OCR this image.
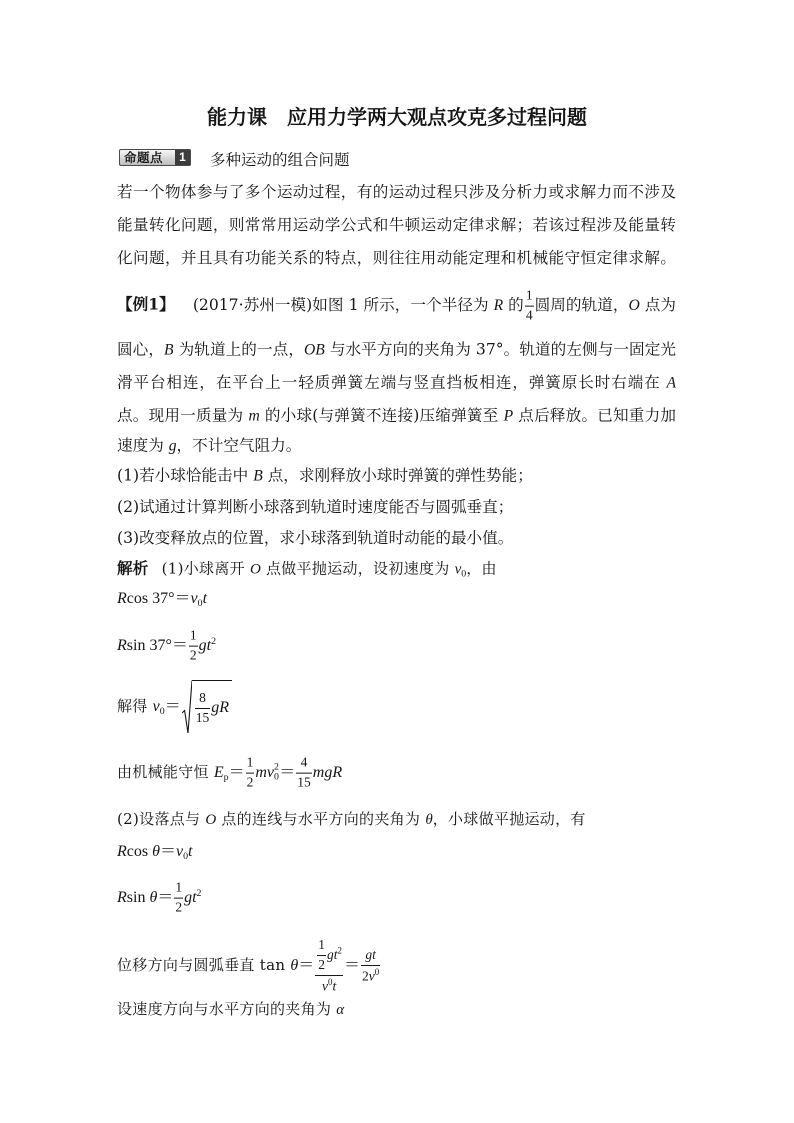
能力课　应用力学两大观点攻克多过程问题
命题点	1 多种运动的组合问题
若一个物体参与了多个运动过程，有的运动过程只涉及分析力或求解力而不涉及
能量转化问题，则常常用运动学公式和牛顿运动定律求解；若该过程涉及能量转
化问题，并且具有功能关系的特点，则往往用动能定理和机械能守恒定律求解。
【例1】 (2017·苏州一模)如图 1 所示，一个半径为 R 的 $\frac{1}{4}$ 圆周的轨道，O 点为
圆心，B 为轨道上的一点，OB 与水平方向的夹角为 37°。轨道的左侧与一固定光
滑平台相连，在平台上一轻质弹簧左端与竖直挡板相连，弹簧原长时右端在 A
点。现用一质量为 m 的小球(与弹簧不连接)压缩弹簧至 P 点后释放。已知重力加
速度为 g，不计空气阻力。
(1)若小球恰能击中 B 点，求刚释放小球时弹簧的弹性势能；
(2)试通过计算判断小球落到轨道时速度能否与圆弧垂直；
(3)改变释放点的位置，求小球落到轨道时动能的最小值。
解析 (1)小球离开 O 点做平抛运动，设初速度为 v0，由
Rcos 37°＝v0t
Rsin $37^\circ= \frac{1}{2} gt^2$
解得 $v0= \frac{8}{15}$ gR
由机械能守恒 $Ep= \frac{1}{2}$ mv 2
$0 = \frac{4}{15}$ mgR
(2)设落点与 O 点的连线与水平方向的夹角为 θ，小球做平抛运动，有
Rcos θ＝v0t
Rsin $\theta= \frac{1}{2} gt^2$
位移方向与圆弧垂直 $\tan \theta= \frac{\frac{1}{2} gt^2}{v^0t} = \frac{gt}{2v^0}$
设速度方向与水平方向的夹角为 α
